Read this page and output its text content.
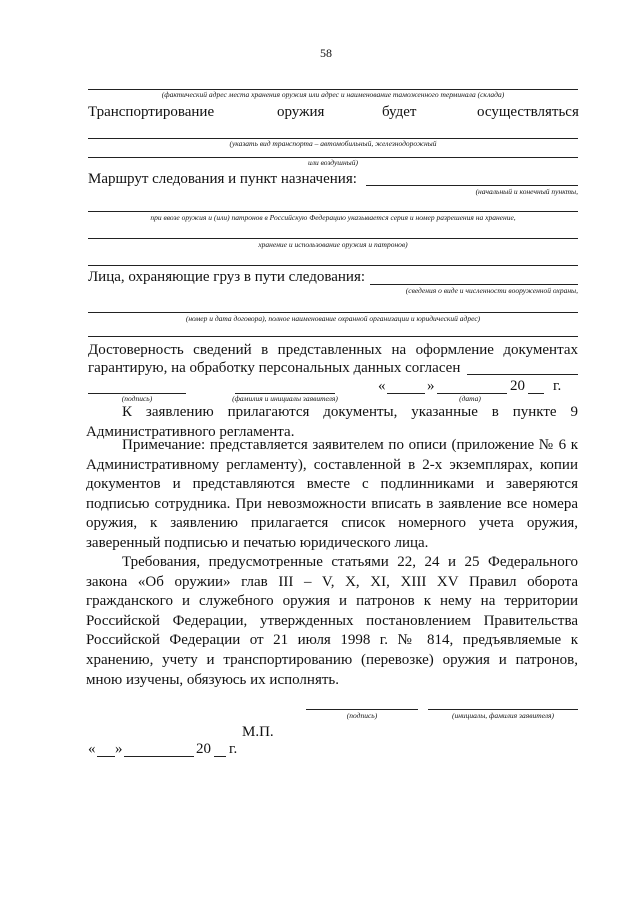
58
(фактический адрес места хранения оружия или адрес и наименование таможенного терминала (склада)
Транспортирование	оружия	будет	осуществляться
(указать вид транспорта – автомобильный, железнодорожный
или воздушный)
Маршрут следования и пункт назначения:
(начальный и конечный пункты,
при ввозе оружия и (или) патронов в Российскую Федерацию указывается серия и номер разрешения на хранение,
хранение и использование оружия и патронов)
Лица, охраняющие груз в пути следования:
(сведения о виде и численности вооруженной охраны,
(номер и дата договора), полное наименование охранной организации и юридический адрес)
Достоверность сведений в представленных на оформление документах
гарантирую, на обработку персональных данных согласен
«	»	20 г.
(подпись)	(фамилия и инициалы заявителя)	(дата)
К заявлению прилагаются документы, указанные в пункте 9 Административного регламента.
Примечание: представляется заявителем по описи (приложение № 6 к Административному регламенту), составленной в 2-х экземплярах, копии документов и представляются вместе с подлинниками и заверяются подписью сотрудника. При невозможности вписать в заявление все номера оружия, к заявлению прилагается список номерного учета оружия, заверенный подписью и печатью юридического лица.
Требования, предусмотренные статьями 22, 24 и 25 Федерального закона «Об оружии» глав III – V, X, XI, XIII XV Правил оборота гражданского и служебного оружия и патронов к нему на территории Российской Федерации, утвержденных постановлением Правительства Российской Федерации от 21 июля 1998 г. № 814, предъявляемые к хранению, учету и транспортированию (перевозке) оружия и патронов, мною изучены, обязуюсь их исполнять.
(подпись)	(инициалы, фамилия заявителя)
М.П.
« »	20 г.
